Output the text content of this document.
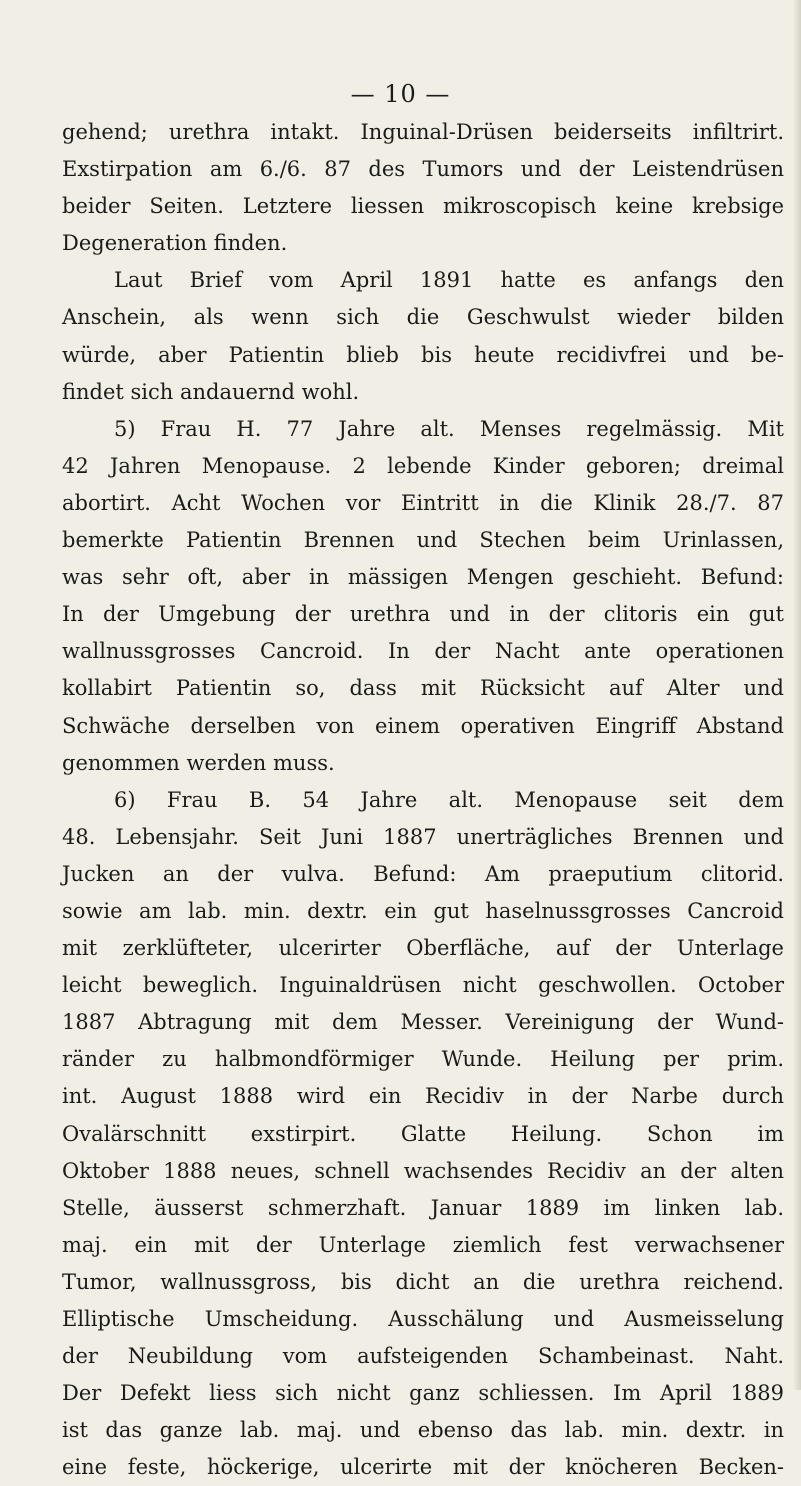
— 10 —
gehend; urethra intakt. Inguinal-Drüsen beiderseits infiltrirt.
Exstirpation am 6./6. 87 des Tumors und der Leistendrüsen
beider Seiten. Letztere liessen mikroscopisch keine krebsige
Degeneration finden.
Laut Brief vom April 1891 hatte es anfangs den
Anschein, als wenn sich die Geschwulst wieder bilden
würde, aber Patientin blieb bis heute recidivfrei und be-
findet sich andauernd wohl.
5) Frau H. 77 Jahre alt. Menses regelmässig. Mit
42 Jahren Menopause. 2 lebende Kinder geboren; dreimal
abortirt. Acht Wochen vor Eintritt in die Klinik 28./7. 87
bemerkte Patientin Brennen und Stechen beim Urinlassen,
was sehr oft, aber in mässigen Mengen geschieht. Befund:
In der Umgebung der urethra und in der clitoris ein gut
wallnussgrosses Cancroid. In der Nacht ante operationen
kollabirt Patientin so, dass mit Rücksicht auf Alter und
Schwäche derselben von einem operativen Eingriff Abstand
genommen werden muss.
6) Frau B. 54 Jahre alt. Menopause seit dem
48. Lebensjahr. Seit Juni 1887 unerträgliches Brennen und
Jucken an der vulva. Befund: Am praeputium clitorid.
sowie am lab. min. dextr. ein gut haselnussgrosses Cancroid
mit zerklüfteter, ulcerirter Oberfläche, auf der Unterlage
leicht beweglich. Inguinaldrüsen nicht geschwollen. October
1887 Abtragung mit dem Messer. Vereinigung der Wund-
ränder zu halbmondförmiger Wunde. Heilung per prim.
int. August 1888 wird ein Recidiv in der Narbe durch
Ovalärschnitt exstirpirt. Glatte Heilung. Schon im
Oktober 1888 neues, schnell wachsendes Recidiv an der alten
Stelle, äusserst schmerzhaft. Januar 1889 im linken lab.
maj. ein mit der Unterlage ziemlich fest verwachsener
Tumor, wallnussgross, bis dicht an die urethra reichend.
Elliptische Umscheidung. Ausschälung und Ausmeisselung
der Neubildung vom aufsteigenden Schambeinast. Naht.
Der Defekt liess sich nicht ganz schliessen. Im April 1889
ist das ganze lab. maj. und ebenso das lab. min. dextr. in
eine feste, höckerige, ulcerirte mit der knöcheren Becken-
